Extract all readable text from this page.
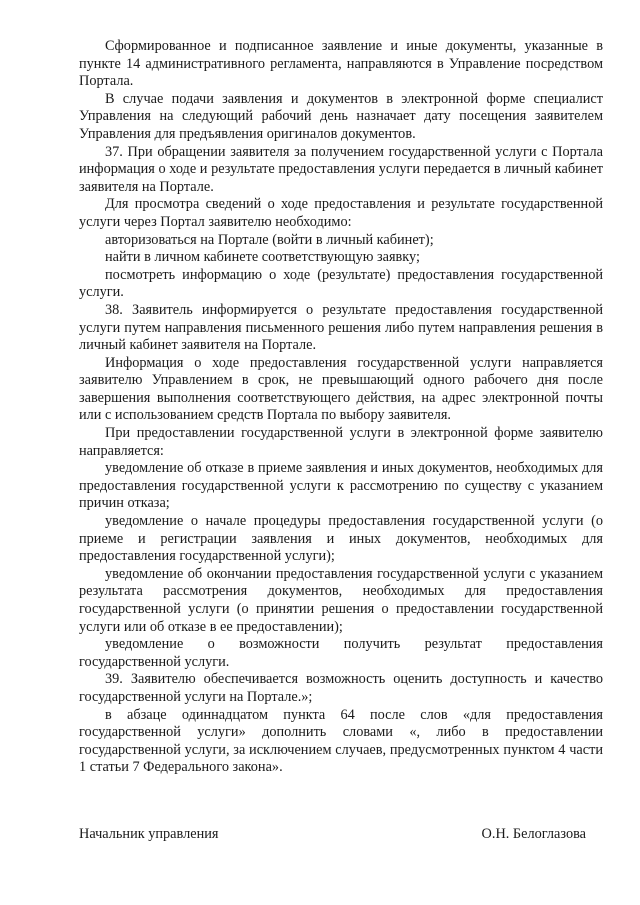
Сформированное и подписанное заявление и иные документы, указанные в пункте 14 административного регламента, направляются в Управление посредством Портала.

В случае подачи заявления и документов в электронной форме специалист Управления на следующий рабочий день назначает дату посещения заявителем Управления для предъявления оригиналов документов.

37. При обращении заявителя за получением государственной услуги с Портала информация о ходе и результате предоставления услуги передается в личный кабинет заявителя на Портале.

Для просмотра сведений о ходе предоставления и результате государственной услуги через Портал заявителю необходимо:

авторизоваться на Портале (войти в личный кабинет);

найти в личном кабинете соответствующую заявку;

посмотреть информацию о ходе (результате) предоставления государственной услуги.

38. Заявитель информируется о результате предоставления государственной услуги путем направления письменного решения либо путем направления решения в личный кабинет заявителя на Портале.

Информация о ходе предоставления государственной услуги направляется заявителю Управлением в срок, не превышающий одного рабочего дня после завершения выполнения соответствующего действия, на адрес электронной почты или с использованием средств Портала по выбору заявителя.

При предоставлении государственной услуги в электронной форме заявителю направляется:

уведомление об отказе в приеме заявления и иных документов, необходимых для предоставления государственной услуги к рассмотрению по существу с указанием причин отказа;

уведомление о начале процедуры предоставления государственной услуги (о приеме и регистрации заявления и иных документов, необходимых для предоставления государственной услуги);

уведомление об окончании предоставления государственной услуги с указанием результата рассмотрения документов, необходимых для предоставления государственной услуги (о принятии решения о предоставлении государственной услуги или об отказе в ее предоставлении);

уведомление о возможности получить результат предоставления государственной услуги.

39. Заявителю обеспечивается возможность оценить доступность и качество государственной услуги на Портале.»;

в абзаце одиннадцатом пункта 64 после слов «для предоставления государственной услуги» дополнить словами «, либо в предоставлении государственной услуги, за исключением случаев, предусмотренных пунктом 4 части 1 статьи 7 Федерального закона».

Начальник управления	О.Н. Белоглазова
